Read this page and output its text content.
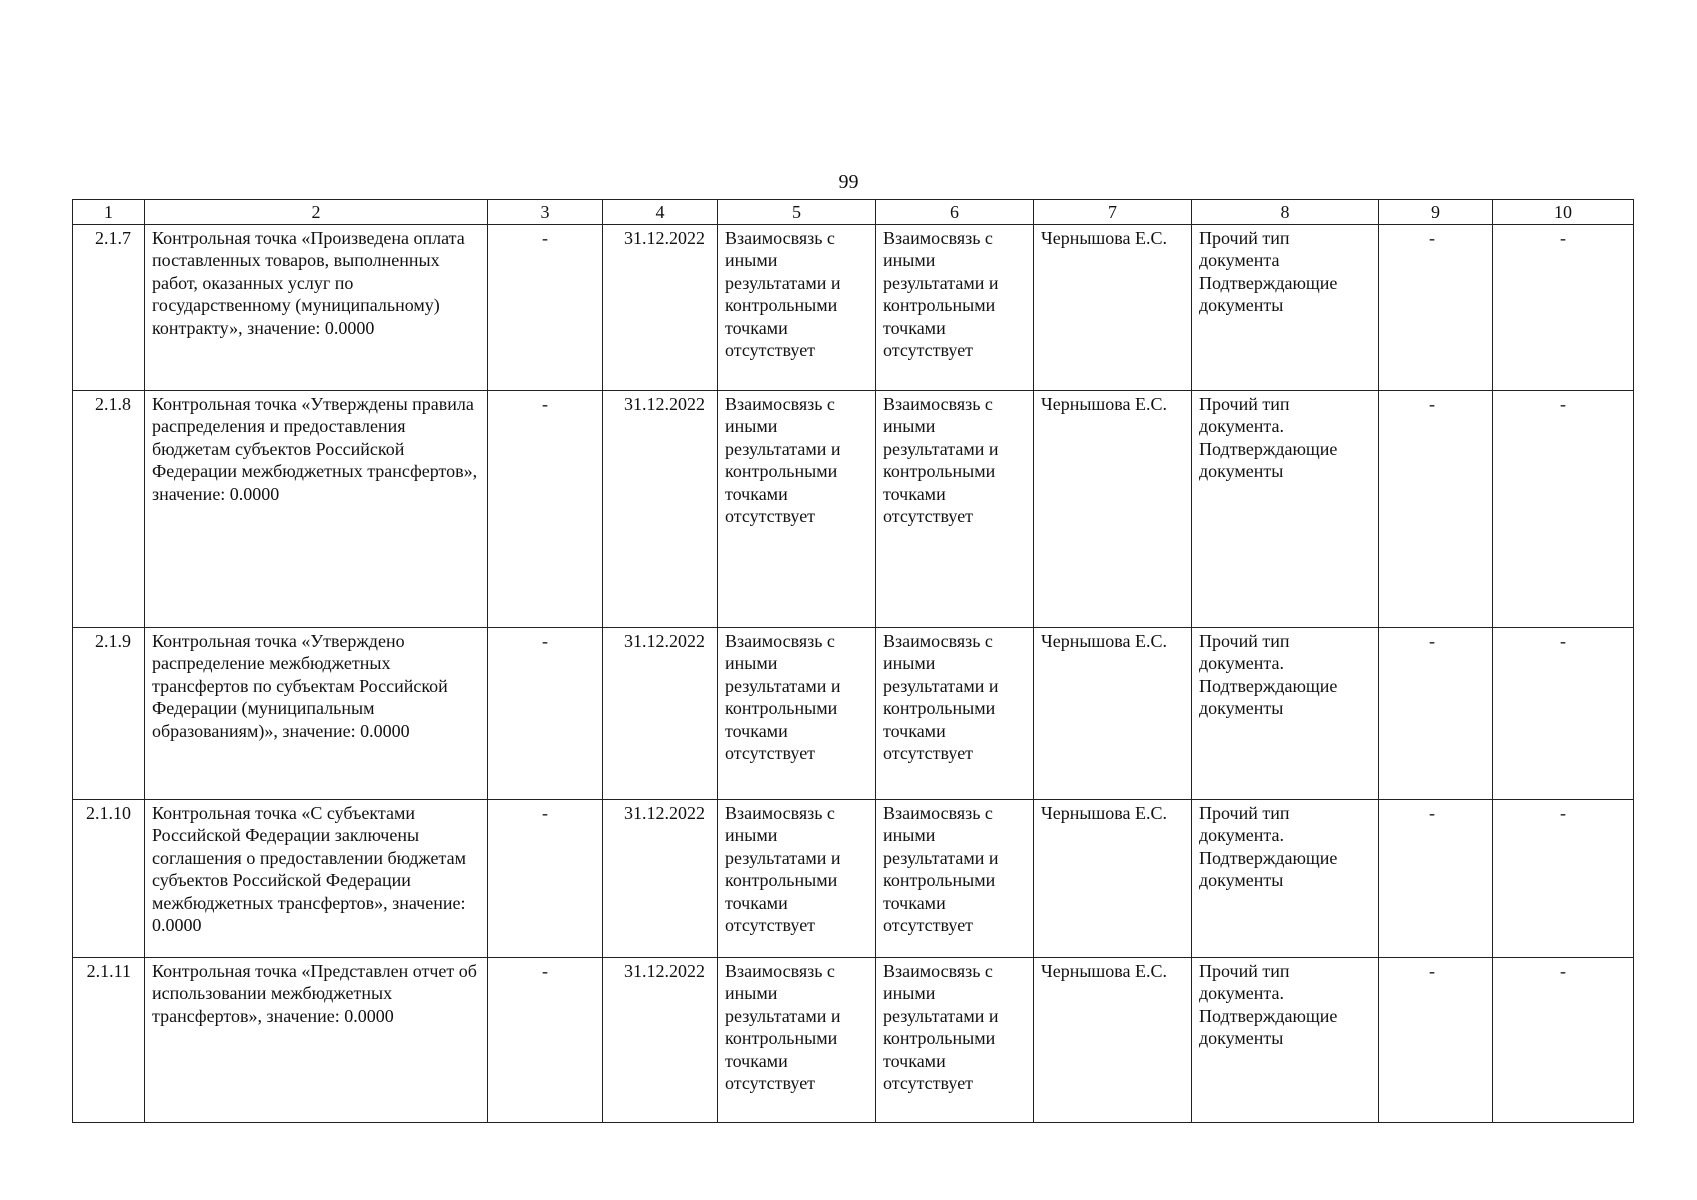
99
1	2	3	4	5	6	7	8	9	10
2.1.7	Контрольная точка «Произведена оплата поставленных товаров, выполненных работ, оказанных услуг по государственному (муниципальному) контракту», значение: 0.0000	-	31.12.2022	Взаимосвязь с иными результатами и контрольными точками отсутствует	Взаимосвязь с иными результатами и контрольными точками отсутствует	Чернышова Е.С.	Прочий тип документа Подтверждающие документы	-	-
2.1.8	Контрольная точка «Утверждены правила распределения и предоставления бюджетам субъектов Российской Федерации межбюджетных трансфертов», значение: 0.0000	-	31.12.2022	Взаимосвязь с иными результатами и контрольными точками отсутствует	Взаимосвязь с иными результатами и контрольными точками отсутствует	Чернышова Е.С.	Прочий тип документа. Подтверждающие документы	-	-
2.1.9	Контрольная точка «Утверждено распределение межбюджетных трансфертов по субъектам Российской Федерации (муниципальным образованиям)», значение: 0.0000	-	31.12.2022	Взаимосвязь с иными результатами и контрольными точками отсутствует	Взаимосвязь с иными результатами и контрольными точками отсутствует	Чернышова Е.С.	Прочий тип документа. Подтверждающие документы	-	-
2.1.10	Контрольная точка «С субъектами Российской Федерации заключены соглашения о предоставлении бюджетам субъектов Российской Федерации межбюджетных трансфертов», значение: 0.0000	-	31.12.2022	Взаимосвязь с иными результатами и контрольными точками отсутствует	Взаимосвязь с иными результатами и контрольными точками отсутствует	Чернышова Е.С.	Прочий тип документа. Подтверждающие документы	-	-
2.1.11	Контрольная точка «Представлен отчет об использовании межбюджетных трансфертов», значение: 0.0000	-	31.12.2022	Взаимосвязь с иными результатами и контрольными точками отсутствует	Взаимосвязь с иными результатами и контрольными точками отсутствует	Чернышова Е.С.	Прочий тип документа. Подтверждающие документы	-	-
